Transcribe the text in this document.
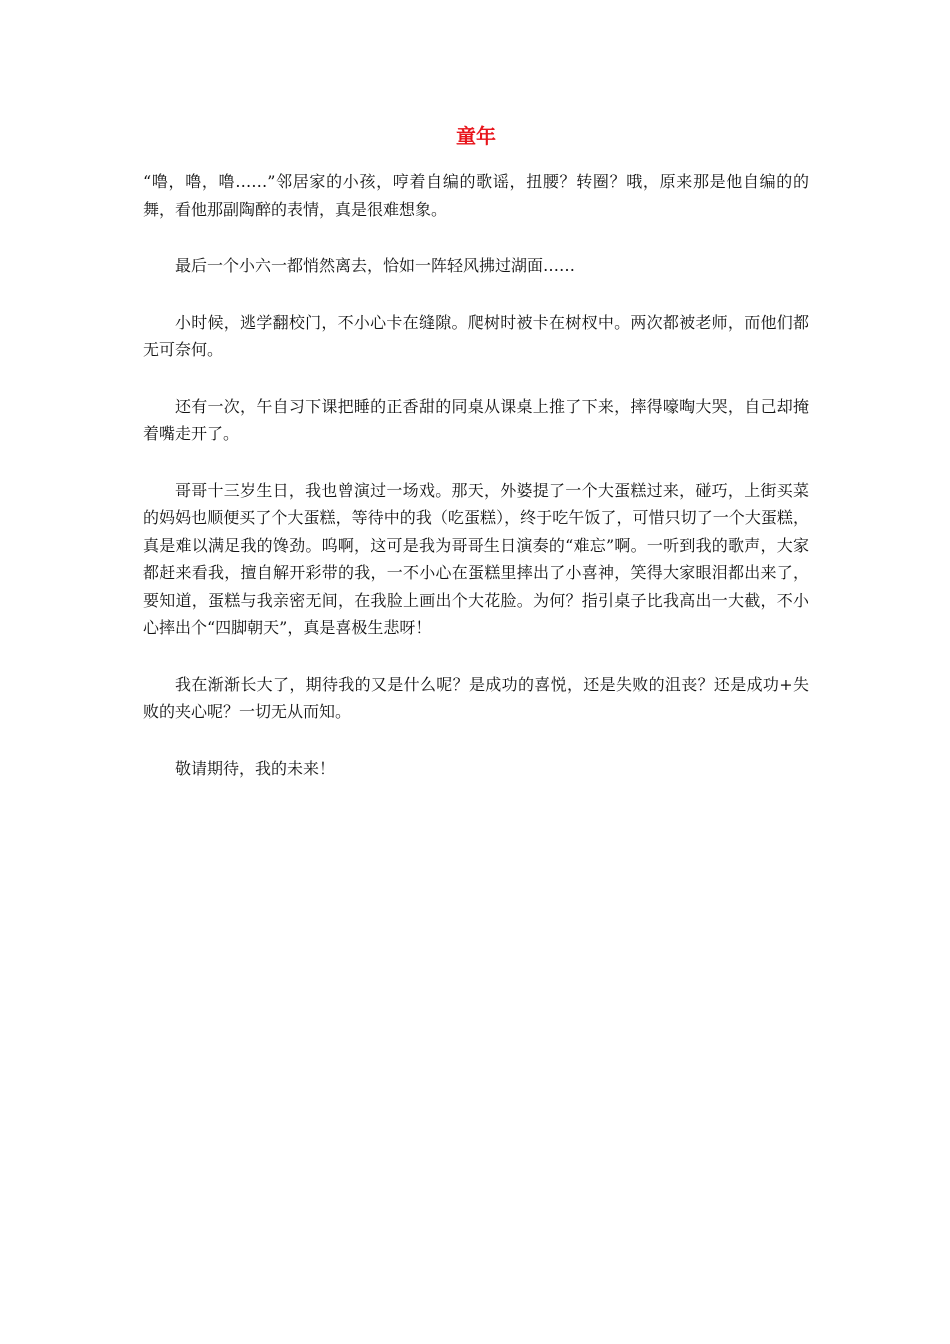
童年

“噜，噜，噜……”邻居家的小孩，哼着自编的歌谣，扭腰？转圈？哦，原来那是他自编的的舞，看他那副陶醉的表情，真是很难想象。

最后一个小六一都悄然离去，恰如一阵轻风拂过湖面……

小时候，逃学翻校门，不小心卡在缝隙。爬树时被卡在树杈中。两次都被老师，而他们都无可奈何。

还有一次，午自习下课把睡的正香甜的同桌从课桌上推了下来，摔得嚎啕大哭，自己却掩着嘴走开了。

哥哥十三岁生日，我也曾演过一场戏。那天，外婆提了一个大蛋糕过来，碰巧，上街买菜的妈妈也顺便买了个大蛋糕，等待中的我（吃蛋糕），终于吃午饭了，可惜只切了一个大蛋糕，真是难以满足我的馋劲。呜啊，这可是我为哥哥生日演奏的“难忘”啊。一听到我的歌声，大家都赶来看我，擅自解开彩带的我，一不小心在蛋糕里摔出了小喜神，笑得大家眼泪都出来了，要知道，蛋糕与我亲密无间，在我脸上画出个大花脸。为何？指引桌子比我高出一大截，不小心摔出个“四脚朝天”，真是喜极生悲呀！

我在渐渐长大了，期待我的又是什么呢？是成功的喜悦，还是失败的沮丧？还是成功+失败的夹心呢？一切无从而知。

敬请期待，我的未来！
